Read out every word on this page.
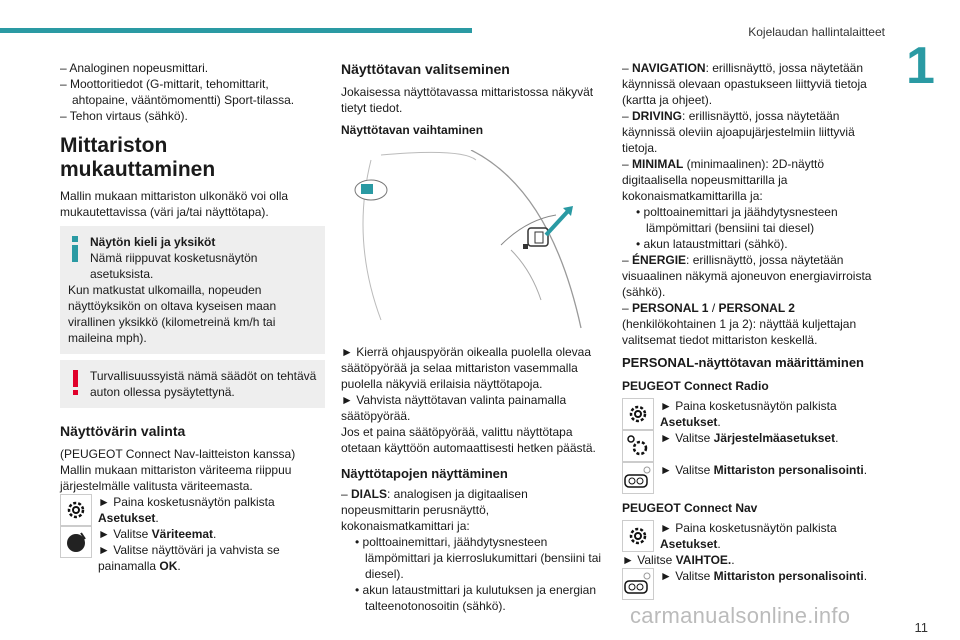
Kojelaudan hallintalaitteet
1

– Analoginen nopeusmittari.

– Moottoritiedot (G-mittarit, tehomittarit, ahtopaine, vääntömomentti) Sport-tilassa.

– Tehon virtaus (sähkö).

Mittariston mukauttaminen

Mallin mukaan mittariston ulkonäkö voi olla mukautettavissa (väri ja/tai näyttötapa).

Näytön kieli ja yksiköt

Nämä riippuvat kosketusnäytön asetuksista.

Kun matkustat ulkomailla, nopeuden näyttöyksikön on oltava kyseisen maan virallinen yksikkö (kilometreinä km/h tai maileina mph).

Turvallisuussyistä nämä säädöt on tehtävä auton ollessa pysäytettynä.

Näyttövärin valinta

(PEUGEOT Connect Nav-laitteiston kanssa) Mallin mukaan mittariston väriteema riippuu järjestelmälle valitusta väriteemasta.

► Paina kosketusnäytön palkista Asetukset.

► Valitse Väriteemat.

► Valitse näyttöväri ja vahvista se painamalla OK.

Näyttötavan valitseminen

Jokaisessa näyttötavassa mittaristossa näkyvät tietyt tiedot.

Näyttötavan vaihtaminen

► Kierrä ohjauspyörän oikealla puolella olevaa säätöpyörää ja selaa mittariston vasemmalla puolella näkyviä erilaisia näyttötapoja.

► Vahvista näyttötavan valinta painamalla säätöpyörää.

Jos et paina säätöpyörää, valittu näyttötapa otetaan käyttöön automaattisesti hetken päästä.

Näyttötapojen näyttäminen

– DIALS: analogisen ja digitaalisen nopeusmittarin perusnäyttö, kokonaismatkamittari ja:

• polttoainemittari, jäähdytysnesteen lämpömittari ja kierroslukumittari (bensiini tai diesel).

• akun lataustmittari ja kulutuksen ja energian talteenotonosoitin (sähkö).

– NAVIGATION: erillisnäyttö, jossa näytetään käynnissä olevaan opastukseen liittyviä tietoja (kartta ja ohjeet).

– DRIVING: erillisnäyttö, jossa näytetään käynnissä oleviin ajoapujärjestelmiin liittyviä tietoja.

– MINIMAL (minimaalinen): 2D-näyttö digitaalisella nopeusmittarilla ja kokonaismatkamittarilla ja:

• polttoainemittari ja jäähdytysnesteen lämpömittari (bensiini tai diesel)

• akun lataustmittari (sähkö).

– ÉNERGIE: erillisnäyttö, jossa näytetään visuaalinen näkymä ajoneuvon energiavirroista (sähkö).

– PERSONAL 1 / PERSONAL 2

(henkilökohtainen 1 ja 2): näyttää kuljettajan valitsemat tiedot mittariston keskellä.

PERSONAL-näyttötavan määrittäminen
PEUGEOT Connect Radio

► Paina kosketusnäytön palkista Asetukset.

► Valitse Järjestelmäasetukset.

► Valitse Mittariston personalisointi.

PEUGEOT Connect Nav

► Paina kosketusnäytön palkista Asetukset.

► Valitse VAIHTOE..

► Valitse Mittariston personalisointi.

carmanualsonline.info	11
